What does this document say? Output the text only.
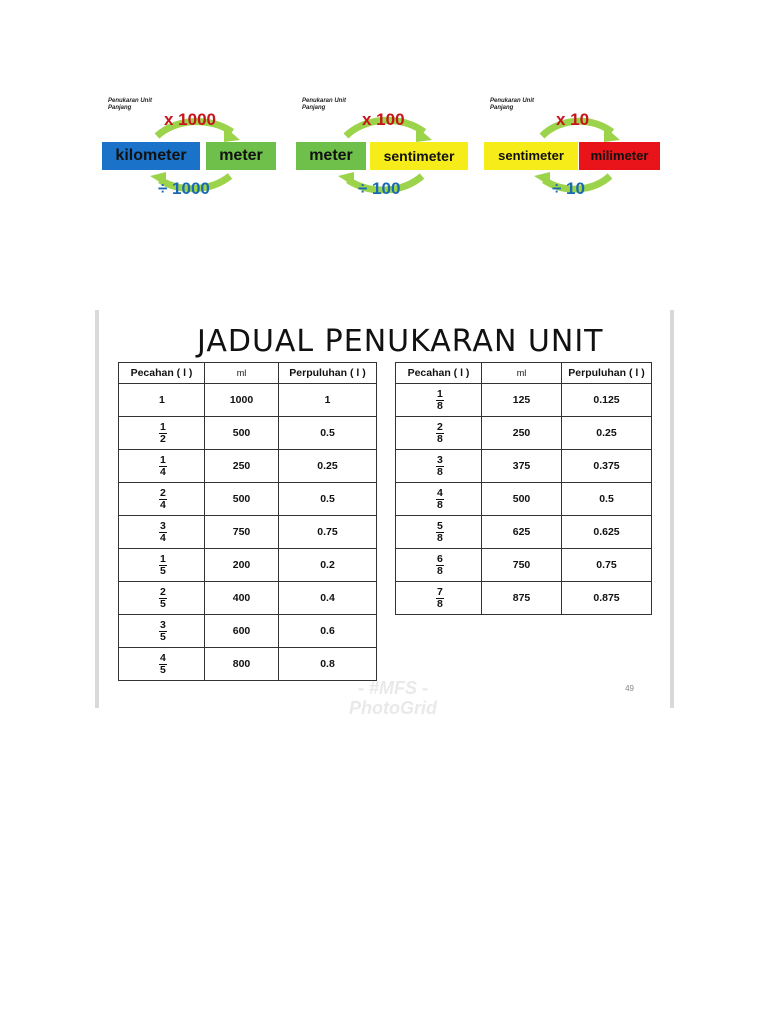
Penukaran Unit Panjang
x 1000
kilometer	meter
÷ 1000
Penukaran Unit Panjang
x 100
meter	sentimeter
÷ 100
Penukaran Unit Panjang
x 10
sentimeter	milimeter
÷ 10
JADUAL PENUKARAN UNIT
Pecahan ( l )	ml	Perpuluhan ( l )
1	1000	1

$\frac{1}{2}$	500	0.5

$\frac{1}{4}$	250	0.25

$\frac{2}{4}$	500	0.5

$\frac{3}{4}$	750	0.75

$\frac{1}{5}$	200	0.2

$\frac{2}{5}$	400	0.4

$\frac{3}{5}$	600	0.6

$\frac{4}{5}$	800	0.8
Pecahan ( l )	ml	Perpuluhan ( l )

$\frac{1}{8}$	125	0.125

$\frac{2}{8}$	250	0.25

$\frac{3}{8}$	375	0.375

$\frac{4}{8}$	500	0.5

$\frac{5}{8}$	625	0.625

$\frac{6}{8}$	750	0.75

$\frac{7}{8}$	875	0.875
- #MFS -
PhotoGrid
49
